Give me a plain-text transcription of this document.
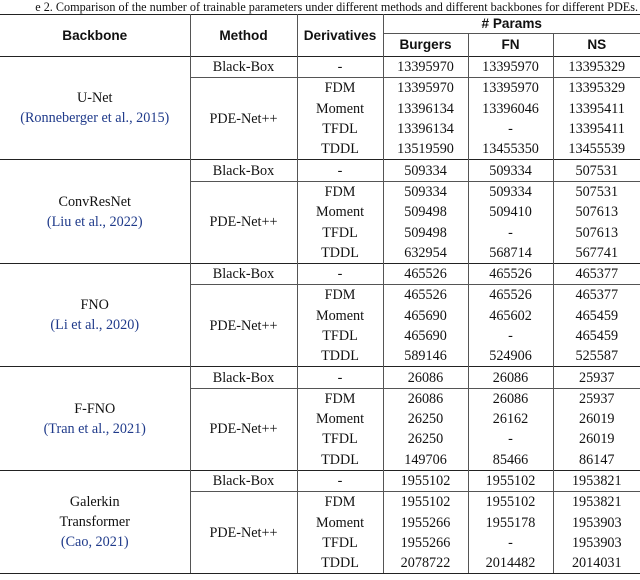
e 2. Comparison of the number of trainable parameters under different methods and different backbones for different PDEs.
Backbone	Method	Derivatives	# Params		
			Burgers	FN	NS

U-Net
(Ronneberger et al., 2015)	Black-Box	-	13395970	13395970	13395329
	PDE-Net++	FDM	13395970	13395970	13395329
		Moment	13396134	13396046	13395411
		TFDL	13396134	-	13395411
		TDDL	13519590	13455350	13455539

ConvResNet
(Liu et al., 2022)	Black-Box	-	509334	509334	507531
	PDE-Net++	FDM	509334	509334	507531
		Moment	509498	509410	507613
		TFDL	509498	-	507613
		TDDL	632954	568714	567741

FNO
(Li et al., 2020)	Black-Box	-	465526	465526	465377
	PDE-Net++	FDM	465526	465526	465377
		Moment	465690	465602	465459
		TFDL	465690	-	465459
		TDDL	589146	524906	525587

F-FNO
(Tran et al., 2021)	Black-Box	-	26086	26086	25937
	PDE-Net++	FDM	26086	26086	25937
		Moment	26250	26162	26019
		TFDL	26250	-	26019
		TDDL	149706	85466	86147

Galerkin
Transformer
(Cao, 2021)	Black-Box	-	1955102	1955102	1953821
	PDE-Net++	FDM	1955102	1955102	1953821
		Moment	1955266	1955178	1953903
		TFDL	1955266	-	1953903
		TDDL	2078722	2014482	2014031
